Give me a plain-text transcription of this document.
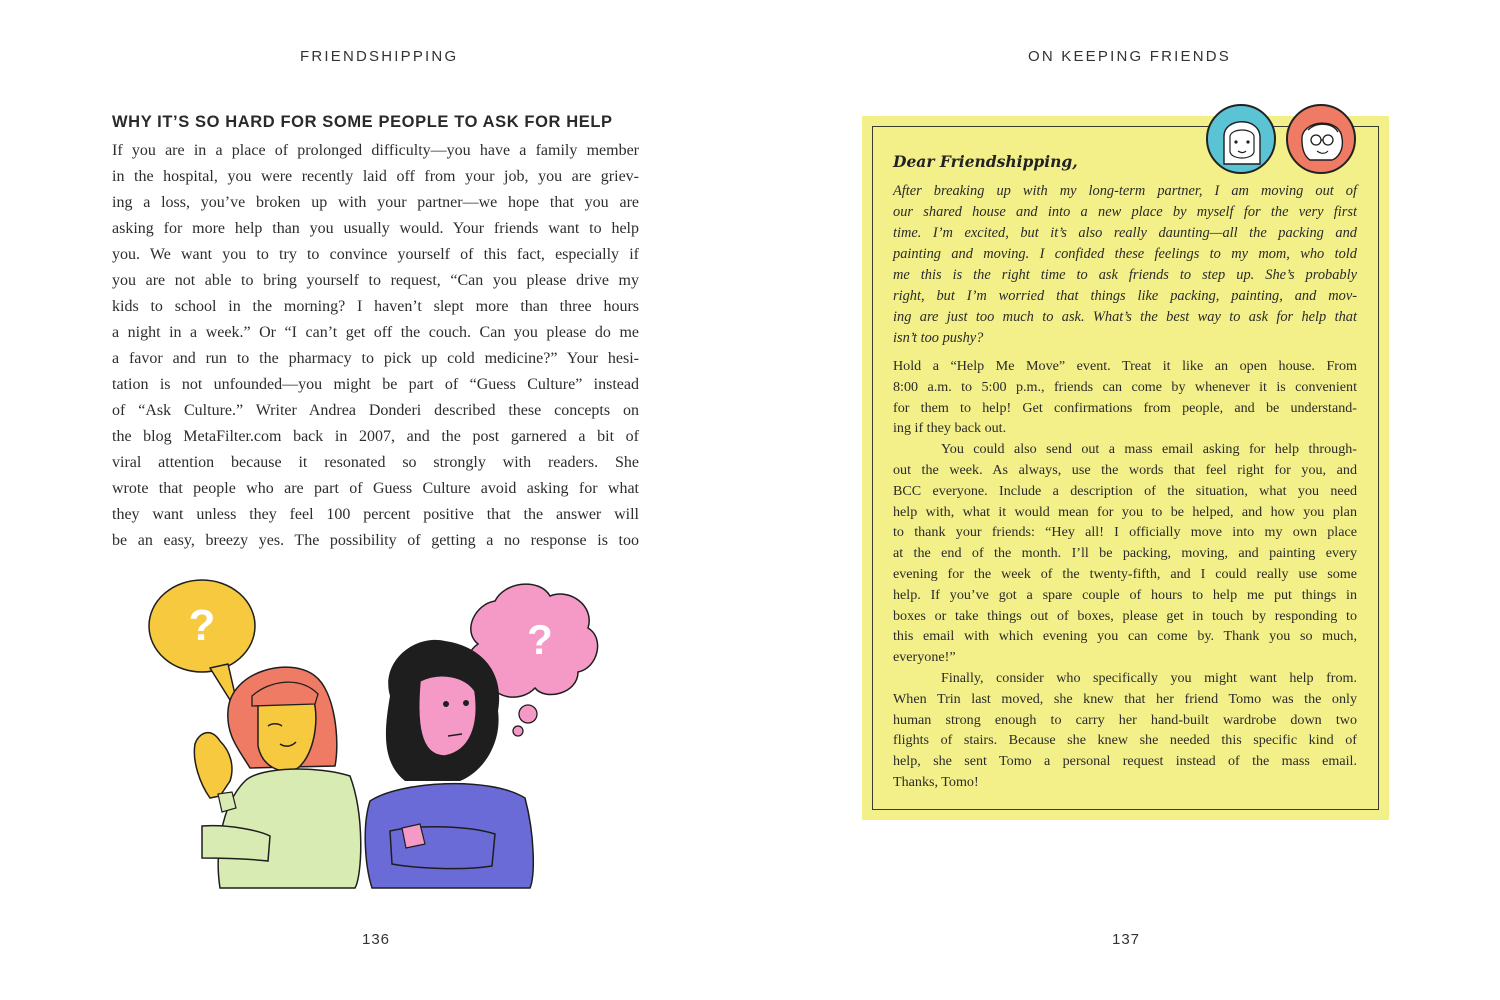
FRIENDSHIPPING
WHY IT’S SO HARD FOR SOME PEOPLE TO ASK FOR HELP
If you are in a place of prolonged difficulty—you have a family member
in the hospital, you were recently laid off from your job, you are griev-
ing a loss, you’ve broken up with your partner—we hope that you are
asking for more help than you usually would. Your friends want to help
you. We want you to try to convince yourself of this fact, especially if
you are not able to bring yourself to request, “Can you please drive my
kids to school in the morning? I haven’t slept more than three hours
a night in a week.” Or “I can’t get off the couch. Can you please do me
a favor and run to the pharmacy to pick up cold medicine?” Your hesi-
tation is not unfounded—you might be part of “Guess Culture” instead
of “Ask Culture.” Writer Andrea Donderi described these concepts on
the blog MetaFilter.com back in 2007, and the post garnered a bit of
viral attention because it resonated so strongly with readers. She
wrote that people who are part of Guess Culture avoid asking for what
they want unless they feel 100 percent positive that the answer will
be an easy, breezy yes. The possibility of getting a no response is too
?	?
136
ON KEEPING FRIENDS
Dear Friendshipping,
After breaking up with my long-term partner, I am moving out of
our shared house and into a new place by myself for the very first
time. I’m excited, but it’s also really daunting—all the packing and
painting and moving. I confided these feelings to my mom, who told
me this is the right time to ask friends to step up. She’s probably
right, but I’m worried that things like packing, painting, and mov-
ing are just too much to ask. What’s the best way to ask for help that
isn’t too pushy?
Hold a “Help Me Move” event. Treat it like an open house. From
8:00 a.m. to 5:00 p.m., friends can come by whenever it is convenient
for them to help! Get confirmations from people, and be understand-
ing if they back out.
You could also send out a mass email asking for help through-
out the week. As always, use the words that feel right for you, and
BCC everyone. Include a description of the situation, what you need
help with, what it would mean for you to be helped, and how you plan
to thank your friends: “Hey all! I officially move into my own place
at the end of the month. I’ll be packing, moving, and painting every
evening for the week of the twenty-fifth, and I could really use some
help. If you’ve got a spare couple of hours to help me put things in
boxes or take things out of boxes, please get in touch by responding to
this email with which evening you can come by. Thank you so much,
everyone!”
Finally, consider who specifically you might want help from.
When Trin last moved, she knew that her friend Tomo was the only
human strong enough to carry her hand-built wardrobe down two
flights of stairs. Because she knew she needed this specific kind of
help, she sent Tomo a personal request instead of the mass email.
Thanks, Tomo!
137
